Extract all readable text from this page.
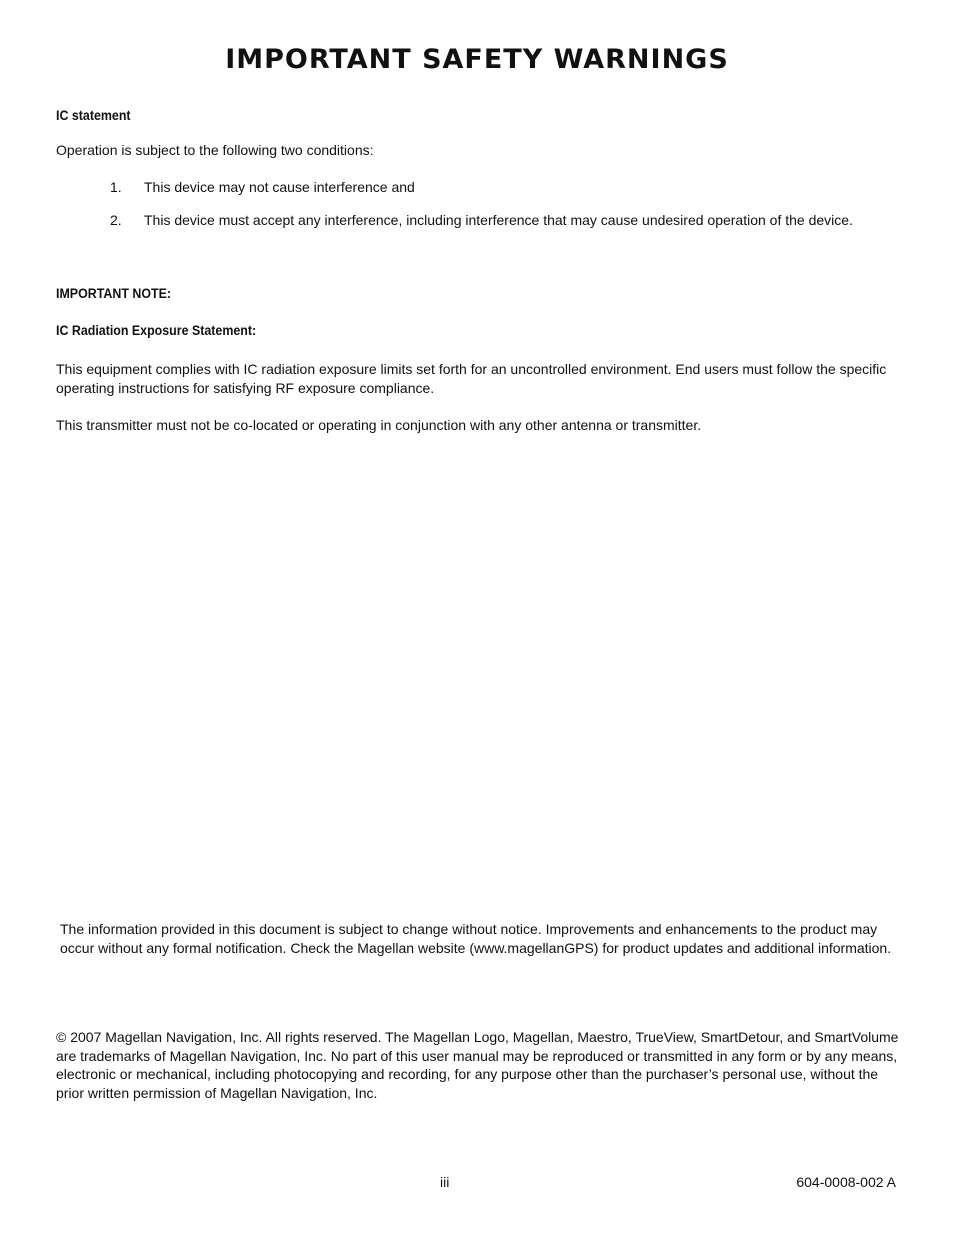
IMPORTANT SAFETY WARNINGS
IC statement

Operation is subject to the following two conditions:

1.	This device may not cause interference and
2.	This device must accept any interference, including interference that may cause undesired operation of the device.
IMPORTANT NOTE:
IC Radiation Exposure Statement:

This equipment complies with IC radiation exposure limits set forth for an uncontrolled environment. End users must follow the specific operating instructions for satisfying RF exposure compliance.

This transmitter must not be co-located or operating in conjunction with any other antenna or transmitter.

The information provided in this document is subject to change without notice. Improvements and enhancements to the product may occur without any formal notification. Check the Magellan website (www.magellanGPS) for product updates and additional information.

© 2007 Magellan Navigation, Inc. All rights reserved. The Magellan Logo, Magellan, Maestro, TrueView, SmartDetour, and SmartVolume are trademarks of Magellan Navigation, Inc. No part of this user manual may be reproduced or transmitted in any form or by any means, electronic or mechanical, including photocopying and recording, for any purpose other than the purchaser’s personal use, without the prior written permission of Magellan Navigation, Inc.

iii	604-0008-002 A
